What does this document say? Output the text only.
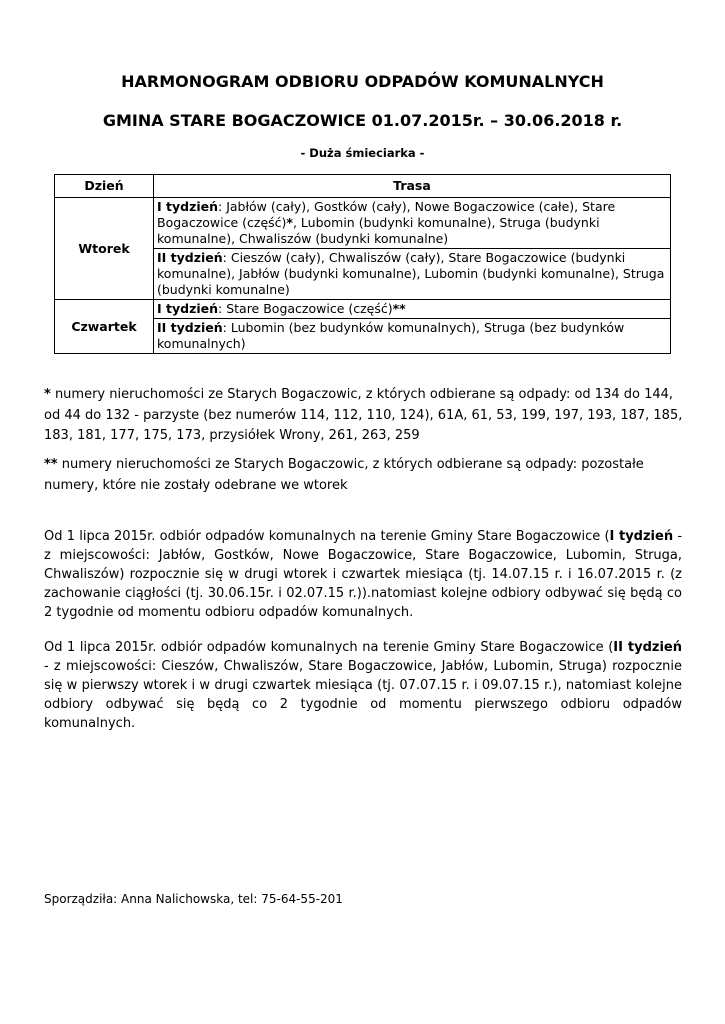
HARMONOGRAM ODBIORU ODPADÓW KOMUNALNYCH
GMINA STARE BOGACZOWICE 01.07.2015r. – 30.06.2018 r.

- Duża śmieciarka -

Dzień	Trasa
Wtorek	I tydzień: Jabłów (cały), Gostków (cały), Nowe Bogaczowice (całe), Stare Bogaczowice (część)*, Lubomin (budynki komunalne), Struga (budynki komunalne), Chwaliszów (budynki komunalne)
	II tydzień: Cieszów (cały), Chwaliszów (cały), Stare Bogaczowice (budynki komunalne), Jabłów (budynki komunalne), Lubomin (budynki komunalne), Struga (budynki komunalne)
Czwartek	I tydzień: Stare Bogaczowice (część)**
	II tydzień: Lubomin (bez budynków komunalnych), Struga (bez budynków komunalnych)

* numery nieruchomości ze Starych Bogaczowic, z których odbierane są odpady: od 134 do 144, od 44 do 132 - parzyste (bez numerów 114, 112, 110, 124), 61A, 61, 53, 199, 197, 193, 187, 185, 183, 181, 177, 175, 173, przysiółek Wrony, 261, 263, 259

** numery nieruchomości ze Starych Bogaczowic, z których odbierane są odpady: pozostałe numery, które nie zostały odebrane we wtorek

Od 1 lipca 2015r. odbiór odpadów komunalnych na terenie Gminy Stare Bogaczowice (I tydzień - z miejscowości: Jabłów, Gostków, Nowe Bogaczowice, Stare Bogaczowice, Lubomin, Struga, Chwaliszów) rozpocznie się w drugi wtorek i czwartek miesiąca (tj. 14.07.15 r. i 16.07.2015 r. (z zachowanie ciągłości (tj. 30.06.15r. i 02.07.15 r.)).natomiast kolejne odbiory odbywać się będą co 2 tygodnie od momentu odbioru odpadów komunalnych.

Od 1 lipca 2015r. odbiór odpadów komunalnych na terenie Gminy Stare Bogaczowice (II tydzień - z miejscowości: Cieszów, Chwaliszów, Stare Bogaczowice, Jabłów, Lubomin, Struga) rozpocznie się w pierwszy wtorek i w drugi czwartek miesiąca (tj. 07.07.15 r. i 09.07.15 r.), natomiast kolejne odbiory odbywać się będą co 2 tygodnie od momentu pierwszego odbioru odpadów komunalnych.

Sporządziła: Anna Nalichowska, tel: 75-64-55-201
